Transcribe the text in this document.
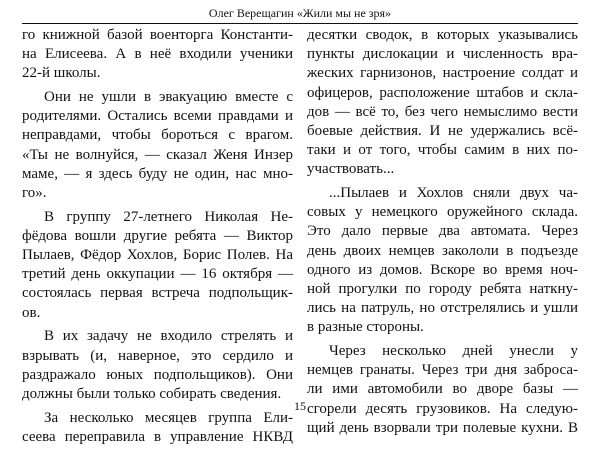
Олег Верещагин «Жили мы не зря»

го книжной базой военторга Константи-
на Елисеева. А в неё входили ученики
22-й школы.

Они не ушли в эвакуацию вместе с
родителями. Остались всеми правдами и
неправдами, чтобы бороться с врагом.
«Ты не волнуйся, — сказал Женя Инзер
маме, — я здесь буду не один, нас мно-
го».

В группу 27-летнего Николая Не-
фёдова вошли другие ребята — Виктор
Пылаев, Фёдор Хохлов, Борис Полев. На
третий день оккупации — 16 октября —
состоялась первая встреча подпольщик-
ов.

В их задачу не входило стрелять и
взрывать (и, наверное, это сердило и
раздражало юных подпольщиков). Они
должны были только собирать сведения.

За несколько месяцев группа Ели-
сеева переправила в управление НКВД

десятки сводок, в которых указывались
пункты дислокации и численность вра-
жеских гарнизонов, настроение солдат и
офицеров, расположение штабов и скла-
дов — всё то, без чего немыслимо вести
боевые действия. И не удержались всё-
таки и от того, чтобы самим в них по-
участвовать...

...Пылаев и Хохлов сняли двух ча-
совых у немецкого оружейного склада.
Это дало первые два автомата. Через
день двоих немцев закололи в подъезде
одного из домов. Вскоре во время ноч-
ной прогулки по городу ребята наткну-
лись на патруль, но отстрелялись и ушли
в разные стороны.

Через несколько дней унесли у
немцев гранаты. Через три дня заброса-
ли ими автомобили во дворе базы —
сгорели десять грузовиков. На следую-
щий день взорвали три полевые кухни. В

15
